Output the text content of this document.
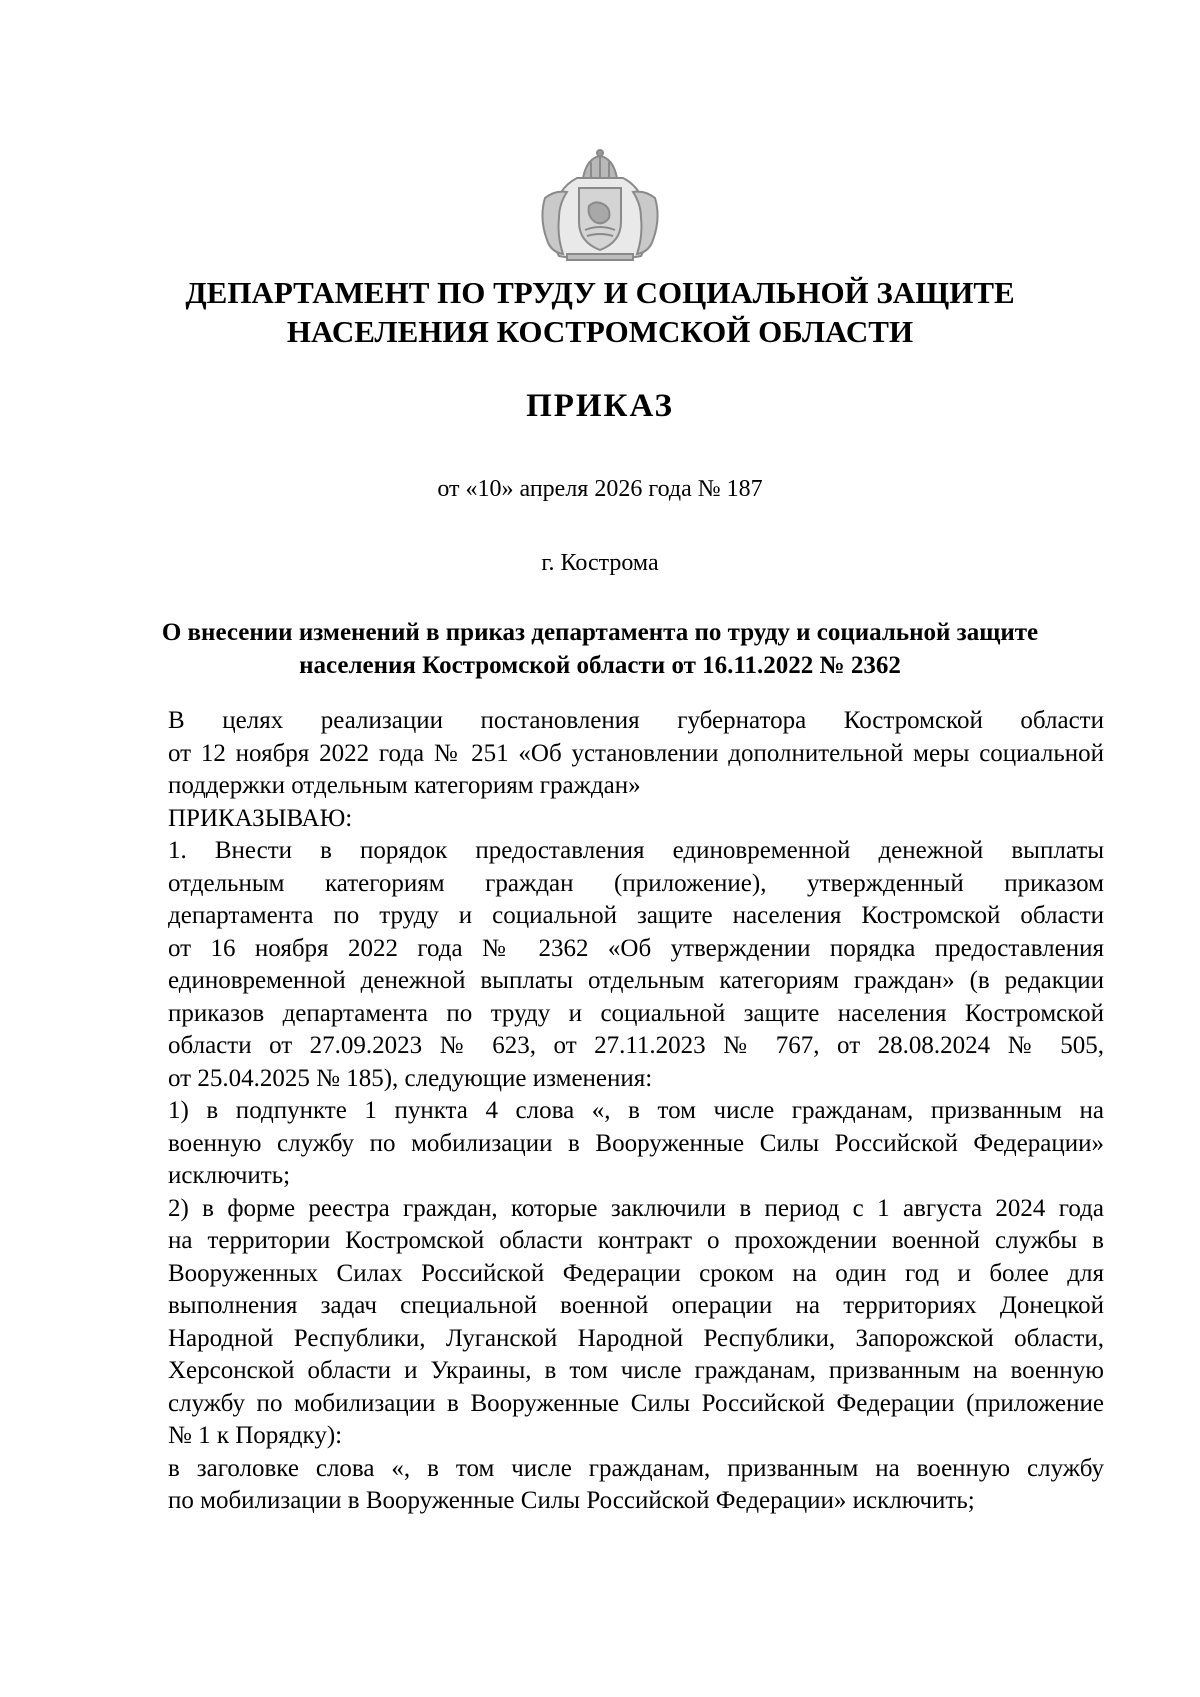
ДЕПАРТАМЕНТ ПО ТРУДУ И СОЦИАЛЬНОЙ ЗАЩИТЕ
НАСЕЛЕНИЯ КОСТРОМСКОЙ ОБЛАСТИ
ПРИКАЗ
от «10» апреля 2026 года № 187
г. Кострома
О внесении изменений в приказ департамента по труду и социальной защите
населения Костромской области от 16.11.2022 № 2362

В целях реализации постановления губернатора Костромской области
от 12 ноября 2022 года № 251 «Об установлении дополнительной меры социальной
поддержки отдельным категориям граждан»

ПРИКАЗЫВАЮ:

1. Внести в порядок предоставления единовременной денежной выплаты
отдельным категориям граждан (приложение), утвержденный приказом
департамента по труду и социальной защите населения Костромской области
от 16 ноября 2022 года № 2362 «Об утверждении порядка предоставления
единовременной денежной выплаты отдельным категориям граждан» (в редакции
приказов департамента по труду и социальной защите населения Костромской
области от 27.09.2023 № 623, от 27.11.2023 № 767, от 28.08.2024 № 505,
от 25.04.2025 № 185), следующие изменения:

1) в подпункте 1 пункта 4 слова «, в том числе гражданам, призванным на
военную службу по мобилизации в Вооруженные Силы Российской Федерации»
исключить;

2) в форме реестра граждан, которые заключили в период с 1 августа 2024 года
на территории Костромской области контракт о прохождении военной службы в
Вооруженных Силах Российской Федерации сроком на один год и более для
выполнения задач специальной военной операции на территориях Донецкой
Народной Республики, Луганской Народной Республики, Запорожской области,
Херсонской области и Украины, в том числе гражданам, призванным на военную
службу по мобилизации в Вооруженные Силы Российской Федерации (приложение
№ 1 к Порядку):

в заголовке слова «, в том числе гражданам, призванным на военную службу
по мобилизации в Вооруженные Силы Российской Федерации» исключить;
